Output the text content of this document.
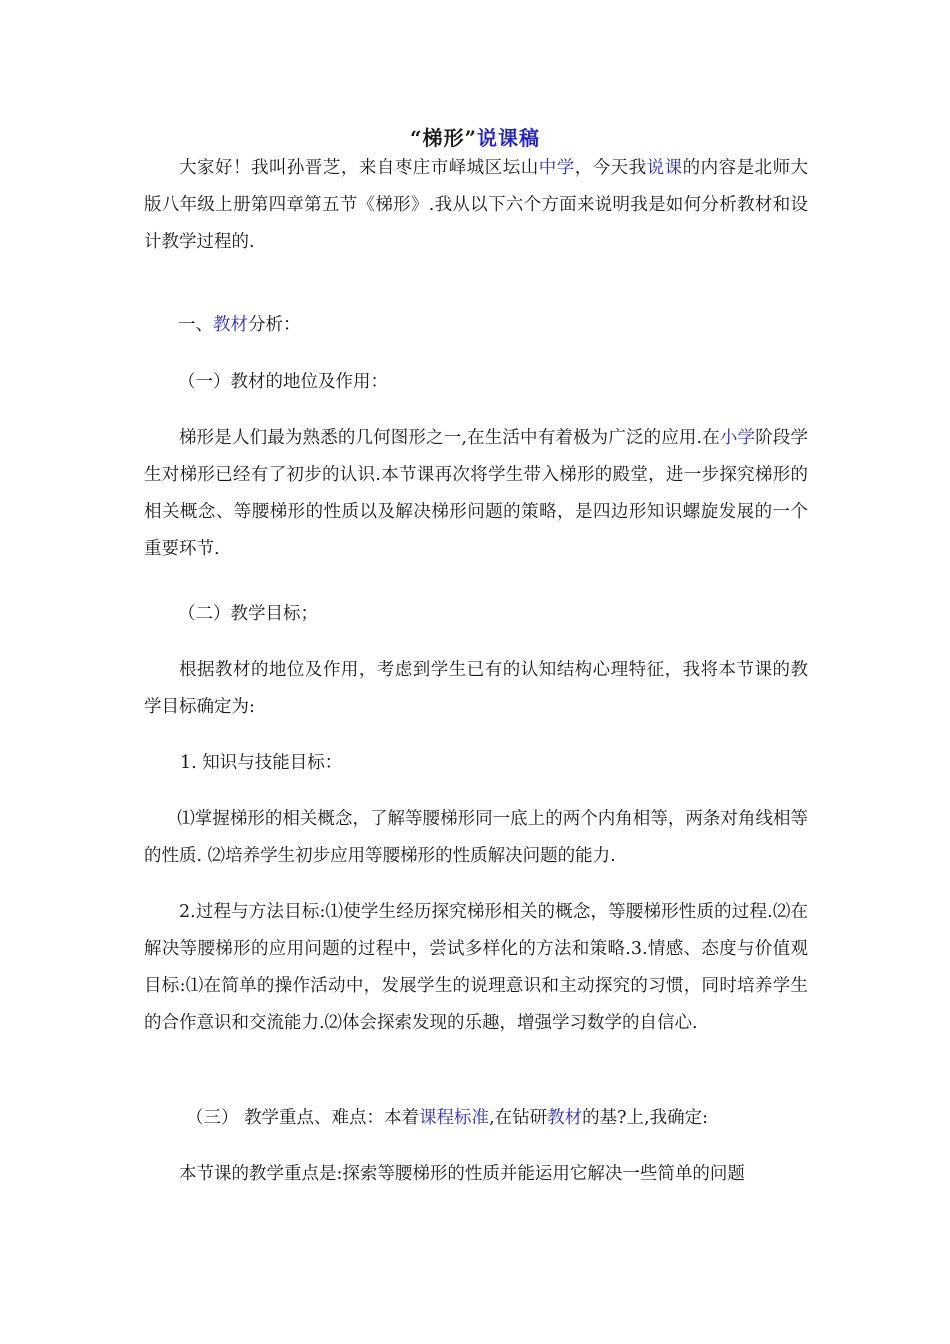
“梯形”说课稿

大家好！我叫孙晋芝，来自枣庄市峄城区坛山中学，今天我说课的内容是北师大版八年级上册第四章第五节《梯形》.我从以下六个方面来说明我是如何分析教材和设计教学过程的.

一、教材分析：
（一）教材的地位及作用：

梯形是人们最为熟悉的几何图形之一,在生活中有着极为广泛的应用.在小学阶段学生对梯形已经有了初步的认识.本节课再次将学生带入梯形的殿堂，进一步探究梯形的相关概念、等腰梯形的性质以及解决梯形问题的策略，是四边形知识螺旋发展的一个重要环节.

（二）教学目标；

根据教材的地位及作用，考虑到学生已有的认知结构心理特征，我将本节课的教学目标确定为:

1. 知识与技能目标：

⑴掌握梯形的相关概念，了解等腰梯形同一底上的两个内角相等，两条对角线相等的性质. ⑵培养学生初步应用等腰梯形的性质解决问题的能力.

2.过程与方法目标:⑴使学生经历探究梯形相关的概念，等腰梯形性质的过程.⑵在解决等腰梯形的应用问题的过程中，尝试多样化的方法和策略.3.情感、态度与价值观目标:⑴在简单的操作活动中，发展学生的说理意识和主动探究的习惯，同时培养学生的合作意识和交流能力.⑵体会探索发现的乐趣，增强学习数学的自信心.

（三） 教学重点、难点：本着课程标准,在钻研教材的基?上,我确定:

本节课的教学重点是:探索等腰梯形的性质并能运用它解决一些简单的问题
